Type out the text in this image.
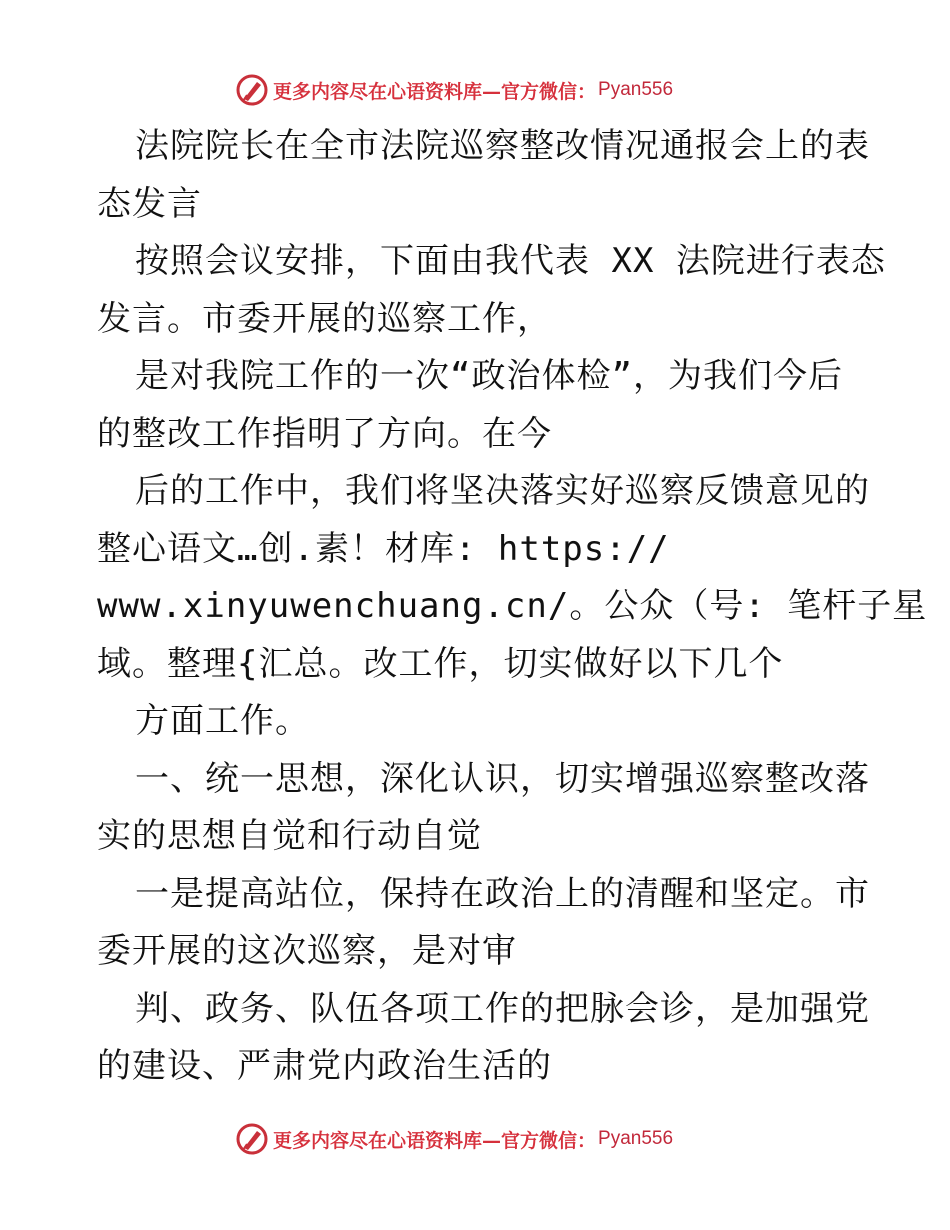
更多内容尽在心语资料库—官方微信： Pyan556
法院院长在全市法院巡察整改情况通报会上的表
态发言
按照会议安排，下面由我代表 XX 法院进行表态
发言。市委开展的巡察工作，
是对我院工作的一次“政治体检”，为我们今后
的整改工作指明了方向。在今
后的工作中，我们将坚决落实好巡察反馈意见的
整心语文…创.素！材库: https://
www.xinyuwenchuang.cn/。公众（号: 笔杆子星
域。整理{汇总。改工作，切实做好以下几个
方面工作。
一、统一思想，深化认识，切实增强巡察整改落
实的思想自觉和行动自觉
一是提高站位，保持在政治上的清醒和坚定。市
委开展的这次巡察，是对审
判、政务、队伍各项工作的把脉会诊，是加强党
的建设、严肃党内政治生活的
更多内容尽在心语资料库—官方微信： Pyan556
